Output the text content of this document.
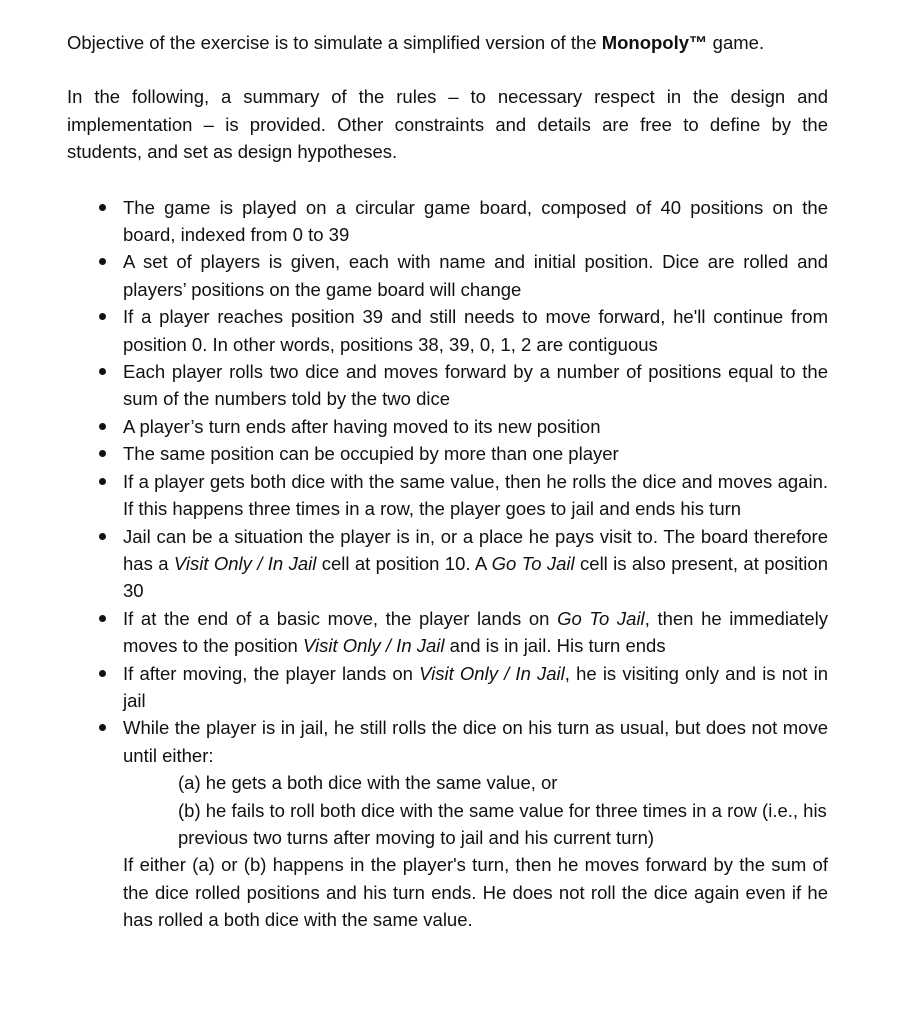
Objective of the exercise is to simulate a simplified version of the Monopoly™ game.

In the following, a summary of the rules – to necessary respect in the design and implementation – is provided. Other constraints and details are free to define by the students, and set as design hypotheses.

The game is played on a circular game board, composed of 40 positions on the board, indexed from 0 to 39
A set of players is given, each with name and initial position. Dice are rolled and players’ positions on the game board will change
If a player reaches position 39 and still needs to move forward, he'll continue from position 0. In other words, positions 38, 39, 0, 1, 2 are contiguous
Each player rolls two dice and moves forward by a number of positions equal to the sum of the numbers told by the two dice
A player’s turn ends after having moved to its new position
The same position can be occupied by more than one player
If a player gets both dice with the same value, then he rolls the dice and moves again. If this happens three times in a row, the player goes to jail and ends his turn
Jail can be a situation the player is in, or a place he pays visit to. The board therefore has a Visit Only / In Jail cell at position 10. A Go To Jail cell is also present, at position 30
If at the end of a basic move, the player lands on Go To Jail, then he immediately moves to the position Visit Only / In Jail and is in jail. His turn ends
If after moving, the player lands on Visit Only / In Jail, he is visiting only and is not in jail
While the player is in jail, he still rolls the dice on his turn as usual, but does not move until either:
(a) he gets a both dice with the same value, or
(b) he fails to roll both dice with the same value for three times in a row (i.e., his previous two turns after moving to jail and his current turn)
If either (a) or (b) happens in the player's turn, then he moves forward by the sum of the dice rolled positions and his turn ends. He does not roll the dice again even if he has rolled a both dice with the same value.
